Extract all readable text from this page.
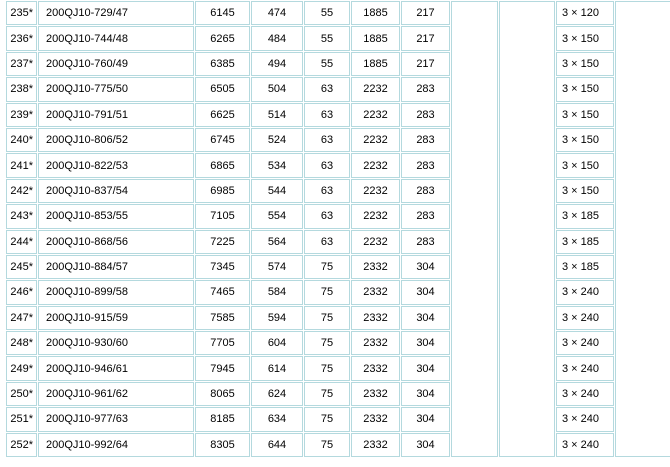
235*	200QJ10-729/47	6145	474	55	1885	217			3 × 120	
236*	200QJ10-744/48	6265	484	55	1885	217			3 × 150	
237*	200QJ10-760/49	6385	494	55	1885	217			3 × 150	
238*	200QJ10-775/50	6505	504	63	2232	283			3 × 150	
239*	200QJ10-791/51	6625	514	63	2232	283			3 × 150	
240*	200QJ10-806/52	6745	524	63	2232	283			3 × 150	
241*	200QJ10-822/53	6865	534	63	2232	283			3 × 150	
242*	200QJ10-837/54	6985	544	63	2232	283			3 × 150	
243*	200QJ10-853/55	7105	554	63	2232	283			3 × 185	
244*	200QJ10-868/56	7225	564	63	2232	283			3 × 185	
245*	200QJ10-884/57	7345	574	75	2332	304			3 × 185	
246*	200QJ10-899/58	7465	584	75	2332	304			3 × 240	
247*	200QJ10-915/59	7585	594	75	2332	304			3 × 240	
248*	200QJ10-930/60	7705	604	75	2332	304			3 × 240	
249*	200QJ10-946/61	7945	614	75	2332	304			3 × 240	
250*	200QJ10-961/62	8065	624	75	2332	304			3 × 240	
251*	200QJ10-977/63	8185	634	75	2332	304			3 × 240	
252*	200QJ10-992/64	8305	644	75	2332	304			3 × 240	
